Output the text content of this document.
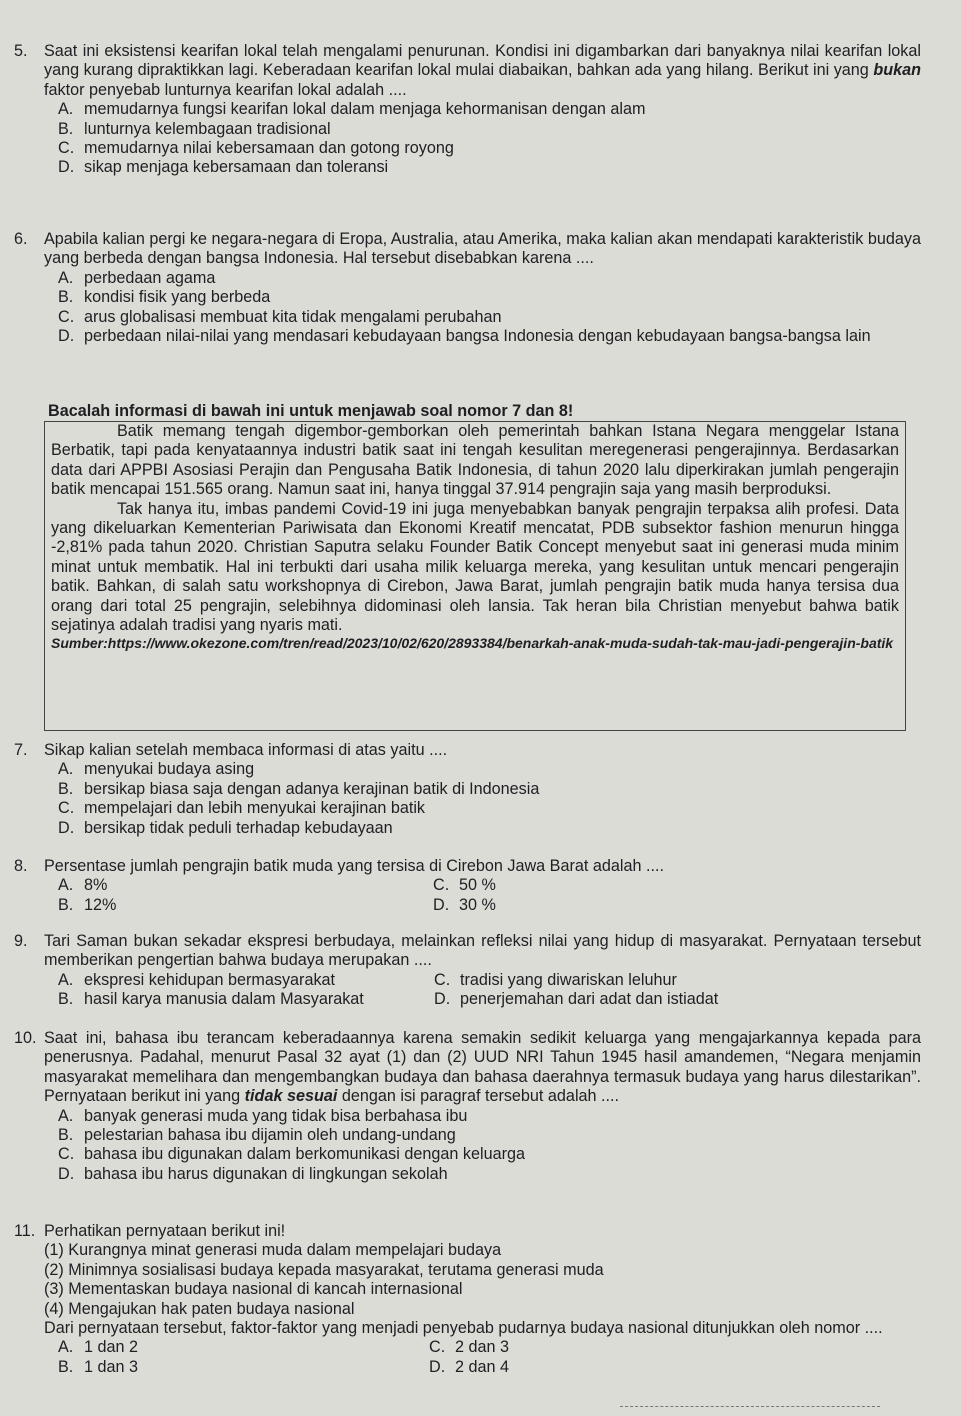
5.	Saat ini eksistensi kearifan lokal telah mengalami penurunan. Kondisi ini digambarkan dari banyaknya nilai kearifan lokal yang kurang dipraktikkan lagi. Keberadaan kearifan lokal mulai diabaikan, bahkan ada yang hilang. Berikut ini yang bukan faktor penyebab lunturnya kearifan lokal adalah ....
A. memudarnya fungsi kearifan lokal dalam menjaga kehormanisan dengan alam
B. lunturnya kelembagaan tradisional
C. memudarnya nilai kebersamaan dan gotong royong
D. sikap menjaga kebersamaan dan toleransi
6.	Apabila kalian pergi ke negara-negara di Eropa, Australia, atau Amerika, maka kalian akan mendapati karakteristik budaya yang berbeda dengan bangsa Indonesia. Hal tersebut disebabkan karena ....
A. perbedaan agama
B. kondisi fisik yang berbeda
C. arus globalisasi membuat kita tidak mengalami perubahan
D. perbedaan nilai-nilai yang mendasari kebudayaan bangsa Indonesia dengan kebudayaan bangsa-bangsa lain
Bacalah informasi di bawah ini untuk menjawab soal nomor 7 dan 8!

Batik memang tengah digembor-gemborkan oleh pemerintah bahkan Istana Negara menggelar Istana Berbatik, tapi pada kenyataannya industri batik saat ini tengah kesulitan meregenerasi pengerajinnya. Berdasarkan data dari APPBI Asosiasi Perajin dan Pengusaha Batik Indonesia, di tahun 2020 lalu diperkirakan jumlah pengerajin batik mencapai 151.565 orang. Namun saat ini, hanya tinggal 37.914 pengrajin saja yang masih berproduksi.

Tak hanya itu, imbas pandemi Covid-19 ini juga menyebabkan banyak pengrajin terpaksa alih profesi. Data yang dikeluarkan Kementerian Pariwisata dan Ekonomi Kreatif mencatat, PDB subsektor fashion menurun hingga -2,81% pada tahun 2020. Christian Saputra selaku Founder Batik Concept menyebut saat ini generasi muda minim minat untuk membatik. Hal ini terbukti dari usaha milik keluarga mereka, yang kesulitan untuk mencari pengerajin batik. Bahkan, di salah satu workshopnya di Cirebon, Jawa Barat, jumlah pengrajin batik muda hanya tersisa dua orang dari total 25 pengrajin, selebihnya didominasi oleh lansia. Tak heran bila Christian menyebut bahwa batik sejatinya adalah tradisi yang nyaris mati.

Sumber:https://www.okezone.com/tren/read/2023/10/02/620/2893384/benarkah-anak-muda-sudah-tak-mau-jadi-pengerajin-batik
7.	Sikap kalian setelah membaca informasi di atas yaitu ....
A. menyukai budaya asing
B. bersikap biasa saja dengan adanya kerajinan batik di Indonesia
C. mempelajari dan lebih menyukai kerajinan batik
D. bersikap tidak peduli terhadap kebudayaan
8.	Persentase jumlah pengrajin batik muda yang tersisa di Cirebon Jawa Barat adalah ....
A. 8%	C. 50 %
B. 12%	D. 30 %
9.	Tari Saman bukan sekadar ekspresi berbudaya, melainkan refleksi nilai yang hidup di masyarakat. Pernyataan tersebut memberikan pengertian bahwa budaya merupakan ....
A. ekspresi kehidupan bermasyarakat	C. tradisi yang diwariskan leluhur
B. hasil karya manusia dalam Masyarakat	D. penerjemahan dari adat dan istiadat
10. Saat ini, bahasa ibu terancam keberadaannya karena semakin sedikit keluarga yang mengajarkannya kepada para penerusnya. Padahal, menurut Pasal 32 ayat (1) dan (2) UUD NRI Tahun 1945 hasil amandemen, “Negara menjamin masyarakat memelihara dan mengembangkan budaya dan bahasa daerahnya termasuk budaya yang harus dilestarikan”. Pernyataan berikut ini yang tidak sesuai dengan isi paragraf tersebut adalah ....
A. banyak generasi muda yang tidak bisa berbahasa ibu
B. pelestarian bahasa ibu dijamin oleh undang-undang
C. bahasa ibu digunakan dalam berkomunikasi dengan keluarga
D. bahasa ibu harus digunakan di lingkungan sekolah
11. Perhatikan pernyataan berikut ini!
(1) Kurangnya minat generasi muda dalam mempelajari budaya
(2) Minimnya sosialisasi budaya kepada masyarakat, terutama generasi muda
(3) Mementaskan budaya nasional di kancah internasional
(4) Mengajukan hak paten budaya nasional
Dari pernyataan tersebut, faktor-faktor yang menjadi penyebab pudarnya budaya nasional ditunjukkan oleh nomor ....
A. 1 dan 2	C. 2 dan 3
B. 1 dan 3	D. 2 dan 4
